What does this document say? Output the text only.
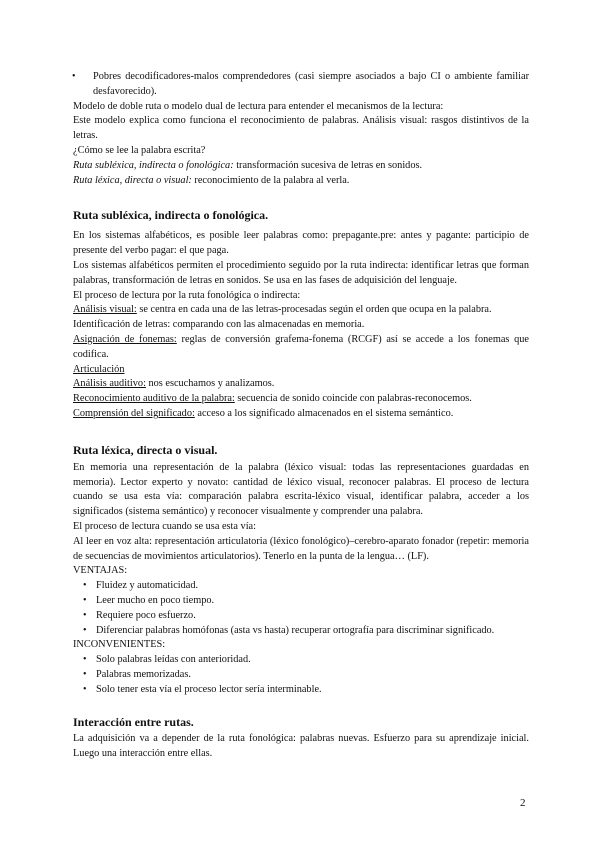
• Pobres decodificadores-malos comprendedores (casi siempre asociados a bajo CI o ambiente familiar desfavorecido).

Modelo de doble ruta o modelo dual de lectura para entender el mecanismos de la lectura:

Este modelo explica como funciona el reconocimiento de palabras. Análisis visual: rasgos distintivos de la letras.

¿Cómo se lee la palabra escrita?

Ruta subléxica, indirecta o fonológica: transformación sucesiva de letras en sonidos.

Ruta léxica, directa o visual: reconocimiento de la palabra al verla.

Ruta subléxica, indirecta o fonológica.

En los sistemas alfabéticos, es posible leer palabras como: prepagante.pre: antes y pagante: participio de presente del verbo pagar: el que paga.

Los sistemas alfabéticos permiten el procedimiento seguido por la ruta indirecta: identificar letras que forman palabras, transformación de letras en sonidos. Se usa en las fases de adquisición del lenguaje.

El proceso de lectura por la ruta fonológica o indirecta:

Análisis visual: se centra en cada una de las letras-procesadas según el orden que ocupa en la palabra.

Identificación de letras: comparando con las almacenadas en memoria.

Asignación de fonemas: reglas de conversión grafema-fonema (RCGF) así se accede a los fonemas que codifica.

Articulación

Análisis auditivo: nos escuchamos y analizamos.

Reconocimiento auditivo de la palabra: secuencia de sonido coincide con palabras-reconocemos.

Comprensión del significado: acceso a los significado almacenados en el sistema semántico.

Ruta léxica, directa o visual.

En memoria una representación de la palabra (léxico visual: todas las representaciones guardadas en memoria). Lector experto y novato: cantidad de léxico visual, reconocer palabras. El proceso de lectura cuando se usa esta vía: comparación palabra escrita-léxico visual, identificar palabra, acceder a los significados (sistema semántico) y reconocer visualmente y comprender una palabra.

El proceso de lectura cuando se usa esta vía:

Al leer en voz alta: representación articulatoria (léxico fonológico)–cerebro-aparato fonador (repetir: memoria de secuencias de movimientos articulatorios). Tenerlo en la punta de la lengua… (LF).

VENTAJAS:

• Fluidez y automaticidad.
• Leer mucho en poco tiempo.
• Requiere poco esfuerzo.
• Diferenciar palabras homófonas (asta vs hasta) recuperar ortografía para discriminar significado.

INCONVENIENTES:

• Solo palabras leídas con anterioridad.
• Palabras memorizadas.
• Solo tener esta vía el proceso lector sería interminable.
Interacción entre rutas.

La adquisición va a depender de la ruta fonológica: palabras nuevas. Esfuerzo para su aprendizaje inicial. Luego una interacción entre ellas.

2
